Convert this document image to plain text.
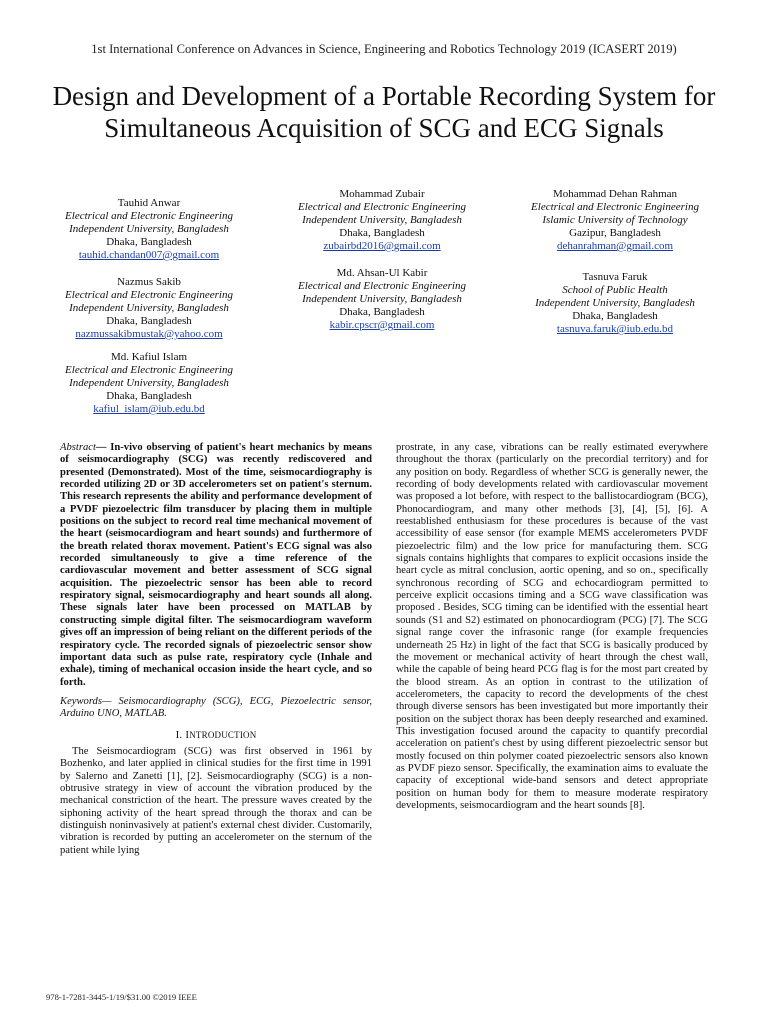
1st International Conference on Advances in Science, Engineering and Robotics Technology 2019 (ICASERT 2019)
Design and Development of a Portable Recording System for Simultaneous Acquisition of SCG and ECG Signals
Tauhid Anwar
Electrical and Electronic Engineering
Independent University, Bangladesh
Dhaka, Bangladesh
tauhid.chandan007@gmail.com
Mohammad Zubair
Electrical and Electronic Engineering
Independent University, Bangladesh
Dhaka, Bangladesh
zubairbd2016@gmail.com
Mohammad Dehan Rahman
Electrical and Electronic Engineering
Islamic University of Technology
Gazipur, Bangladesh
dehanrahman@gmail.com
Nazmus Sakib
Electrical and Electronic Engineering
Independent University, Bangladesh
Dhaka, Bangladesh
nazmussakibmustak@yahoo.com
Md. Ahsan-Ul Kabir
Electrical and Electronic Engineering
Independent University, Bangladesh
Dhaka, Bangladesh
kabir.cpscr@gmail.com
Tasnuva Faruk
School of Public Health
Independent University, Bangladesh
Dhaka, Bangladesh
tasnuva.faruk@iub.edu.bd
Md. Kafiul Islam
Electrical and Electronic Engineering
Independent University, Bangladesh
Dhaka, Bangladesh
kafiul_islam@iub.edu.bd

Abstract— In-vivo observing of patient's heart mechanics by means of seismocardiography (SCG) was recently rediscovered and presented (Demonstrated). Most of the time, seismocardiography is recorded utilizing 2D or 3D accelerometers set on patient's sternum. This research represents the ability and performance development of a PVDF piezoelectric film transducer by placing them in multiple positions on the subject to record real time mechanical movement of the heart (seismocardiogram and heart sounds) and furthermore of the breath related thorax movement. Patient's ECG signal was also recorded simultaneously to give a time reference of the cardiovascular movement and better assessment of SCG signal acquisition. The piezoelectric sensor has been able to record respiratory signal, seismocardiography and heart sounds all along. These signals later have been processed on MATLAB by constructing simple digital filter. The seismocardiogram waveform gives off an impression of being reliant on the different periods of the respiratory cycle. The recorded signals of piezoelectric sensor show important data such as pulse rate, respiratory cycle (Inhale and exhale), timing of mechanical occasion inside the heart cycle, and so forth.

Keywords— Seismocardiography (SCG), ECG, Piezoelectric sensor, Arduino UNO, MATLAB.

I. INTRODUCTION

The Seismocardiogram (SCG) was first observed in 1961 by Bozhenko, and later applied in clinical studies for the first time in 1991 by Salerno and Zanetti [1], [2]. Seismocardiography (SCG) is a non-obtrusive strategy in view of account the vibration produced by the mechanical constriction of the heart. The pressure waves created by the siphoning activity of the heart spread through the thorax and can be distinguish noninvasively at patient's external chest divider. Customarily, vibration is recorded by putting an accelerometer on the sternum of the patient while lying

prostrate, in any case, vibrations can be really estimated everywhere throughout the thorax (particularly on the precordial territory) and for any position on body. Regardless of whether SCG is generally newer, the recording of body developments related with cardiovascular movement was proposed a lot before, with respect to the ballistocardiogram (BCG), Phonocardiogram, and many other methods [3], [4], [5], [6]. A reestablished enthusiasm for these procedures is because of the vast accessibility of ease sensor (for example MEMS accelerometers PVDF piezoelectric film) and the low price for manufacturing them. SCG signals contains highlights that compares to explicit occasions inside the heart cycle as mitral conclusion, aortic opening, and so on., specifically synchronous recording of SCG and echocardiogram permitted to perceive explicit occasions timing and a SCG wave classification was proposed . Besides, SCG timing can be identified with the essential heart sounds (S1 and S2) estimated on phonocardiogram (PCG) [7]. The SCG signal range cover the infrasonic range (for example frequencies underneath 25 Hz) in light of the fact that SCG is basically produced by the movement or mechanical activity of heart through the chest wall, while the capable of being heard PCG flag is for the most part created by the blood stream. As an option in contrast to the utilization of accelerometers, the capacity to record the developments of the chest through diverse sensors has been investigated but more importantly their position on the subject thorax has been deeply researched and examined. This investigation focused around the capacity to quantify precordial acceleration on patient's chest by using different piezoelectric sensor but mostly focused on thin polymer coated piezoelectric sensors also known as PVDF piezo sensor. Specifically, the examination aims to evaluate the capacity of exceptional wide-band sensors and detect appropriate position on human body for them to measure moderate respiratory developments, seismocardiogram and the heart sounds [8].

978-1-7281-3445-1/19/$31.00 ©2019 IEEE
